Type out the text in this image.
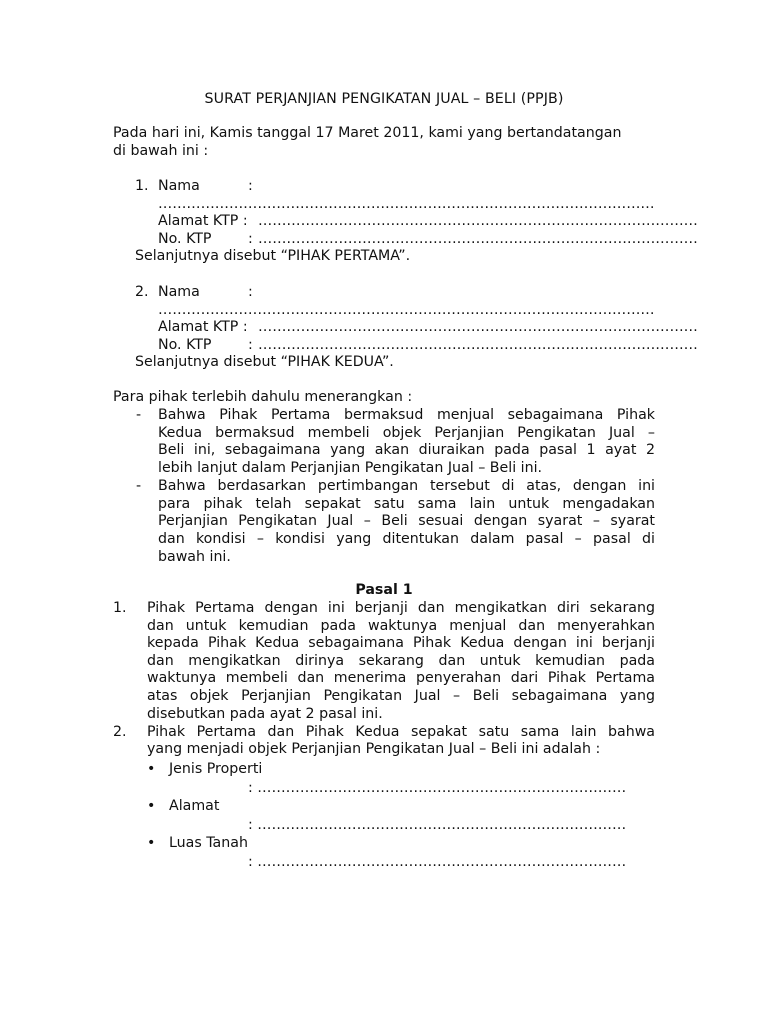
SURAT PERJANJIAN PENGIKATAN JUAL – BELI (PPJB)
Pada hari ini, Kamis tanggal 17 Maret 2011, kami yang bertandatangan
di bawah ini :
1. Nama	:
……………………………………………………………………………………………
Alamat KTP : …………………………………………………………………………………
No. KTP	: …………………………………………………………………………………
Selanjutnya disebut “PIHAK PERTAMA”.
2. Nama	:
……………………………………………………………………………………………
Alamat KTP : …………………………………………………………………………………
No. KTP	: …………………………………………………………………………………
Selanjutnya disebut “PIHAK KEDUA”.
Para pihak terlebih dahulu menerangkan :
- Bahwa Pihak Pertama bermaksud menjual sebagaimana Pihak
Kedua bermaksud membeli objek Perjanjian Pengikatan Jual –
Beli ini, sebagaimana yang akan diuraikan pada pasal 1 ayat 2
lebih lanjut dalam Perjanjian Pengikatan Jual – Beli ini.
- Bahwa berdasarkan pertimbangan tersebut di atas, dengan ini
para pihak telah sepakat satu sama lain untuk mengadakan
Perjanjian Pengikatan Jual – Beli sesuai dengan syarat – syarat
dan kondisi – kondisi yang ditentukan dalam pasal – pasal di
bawah ini.
Pasal 1
1. Pihak Pertama dengan ini berjanji dan mengikatkan diri sekarang
dan untuk kemudian pada waktunya menjual dan menyerahkan
kepada Pihak Kedua sebagaimana Pihak Kedua dengan ini berjanji
dan mengikatkan dirinya sekarang dan untuk kemudian pada
waktunya membeli dan menerima penyerahan dari Pihak Pertama
atas objek Perjanjian Pengikatan Jual – Beli sebagaimana yang
disebutkan pada ayat 2 pasal ini.
2. Pihak Pertama dan Pihak Kedua sepakat satu sama lain bahwa
yang menjadi objek Perjanjian Pengikatan Jual – Beli ini adalah :
• Jenis Properti
: ……………………………………………………………………
• Alamat
: ……………………………………………………………………
• Luas Tanah
: ……………………………………………………………………
